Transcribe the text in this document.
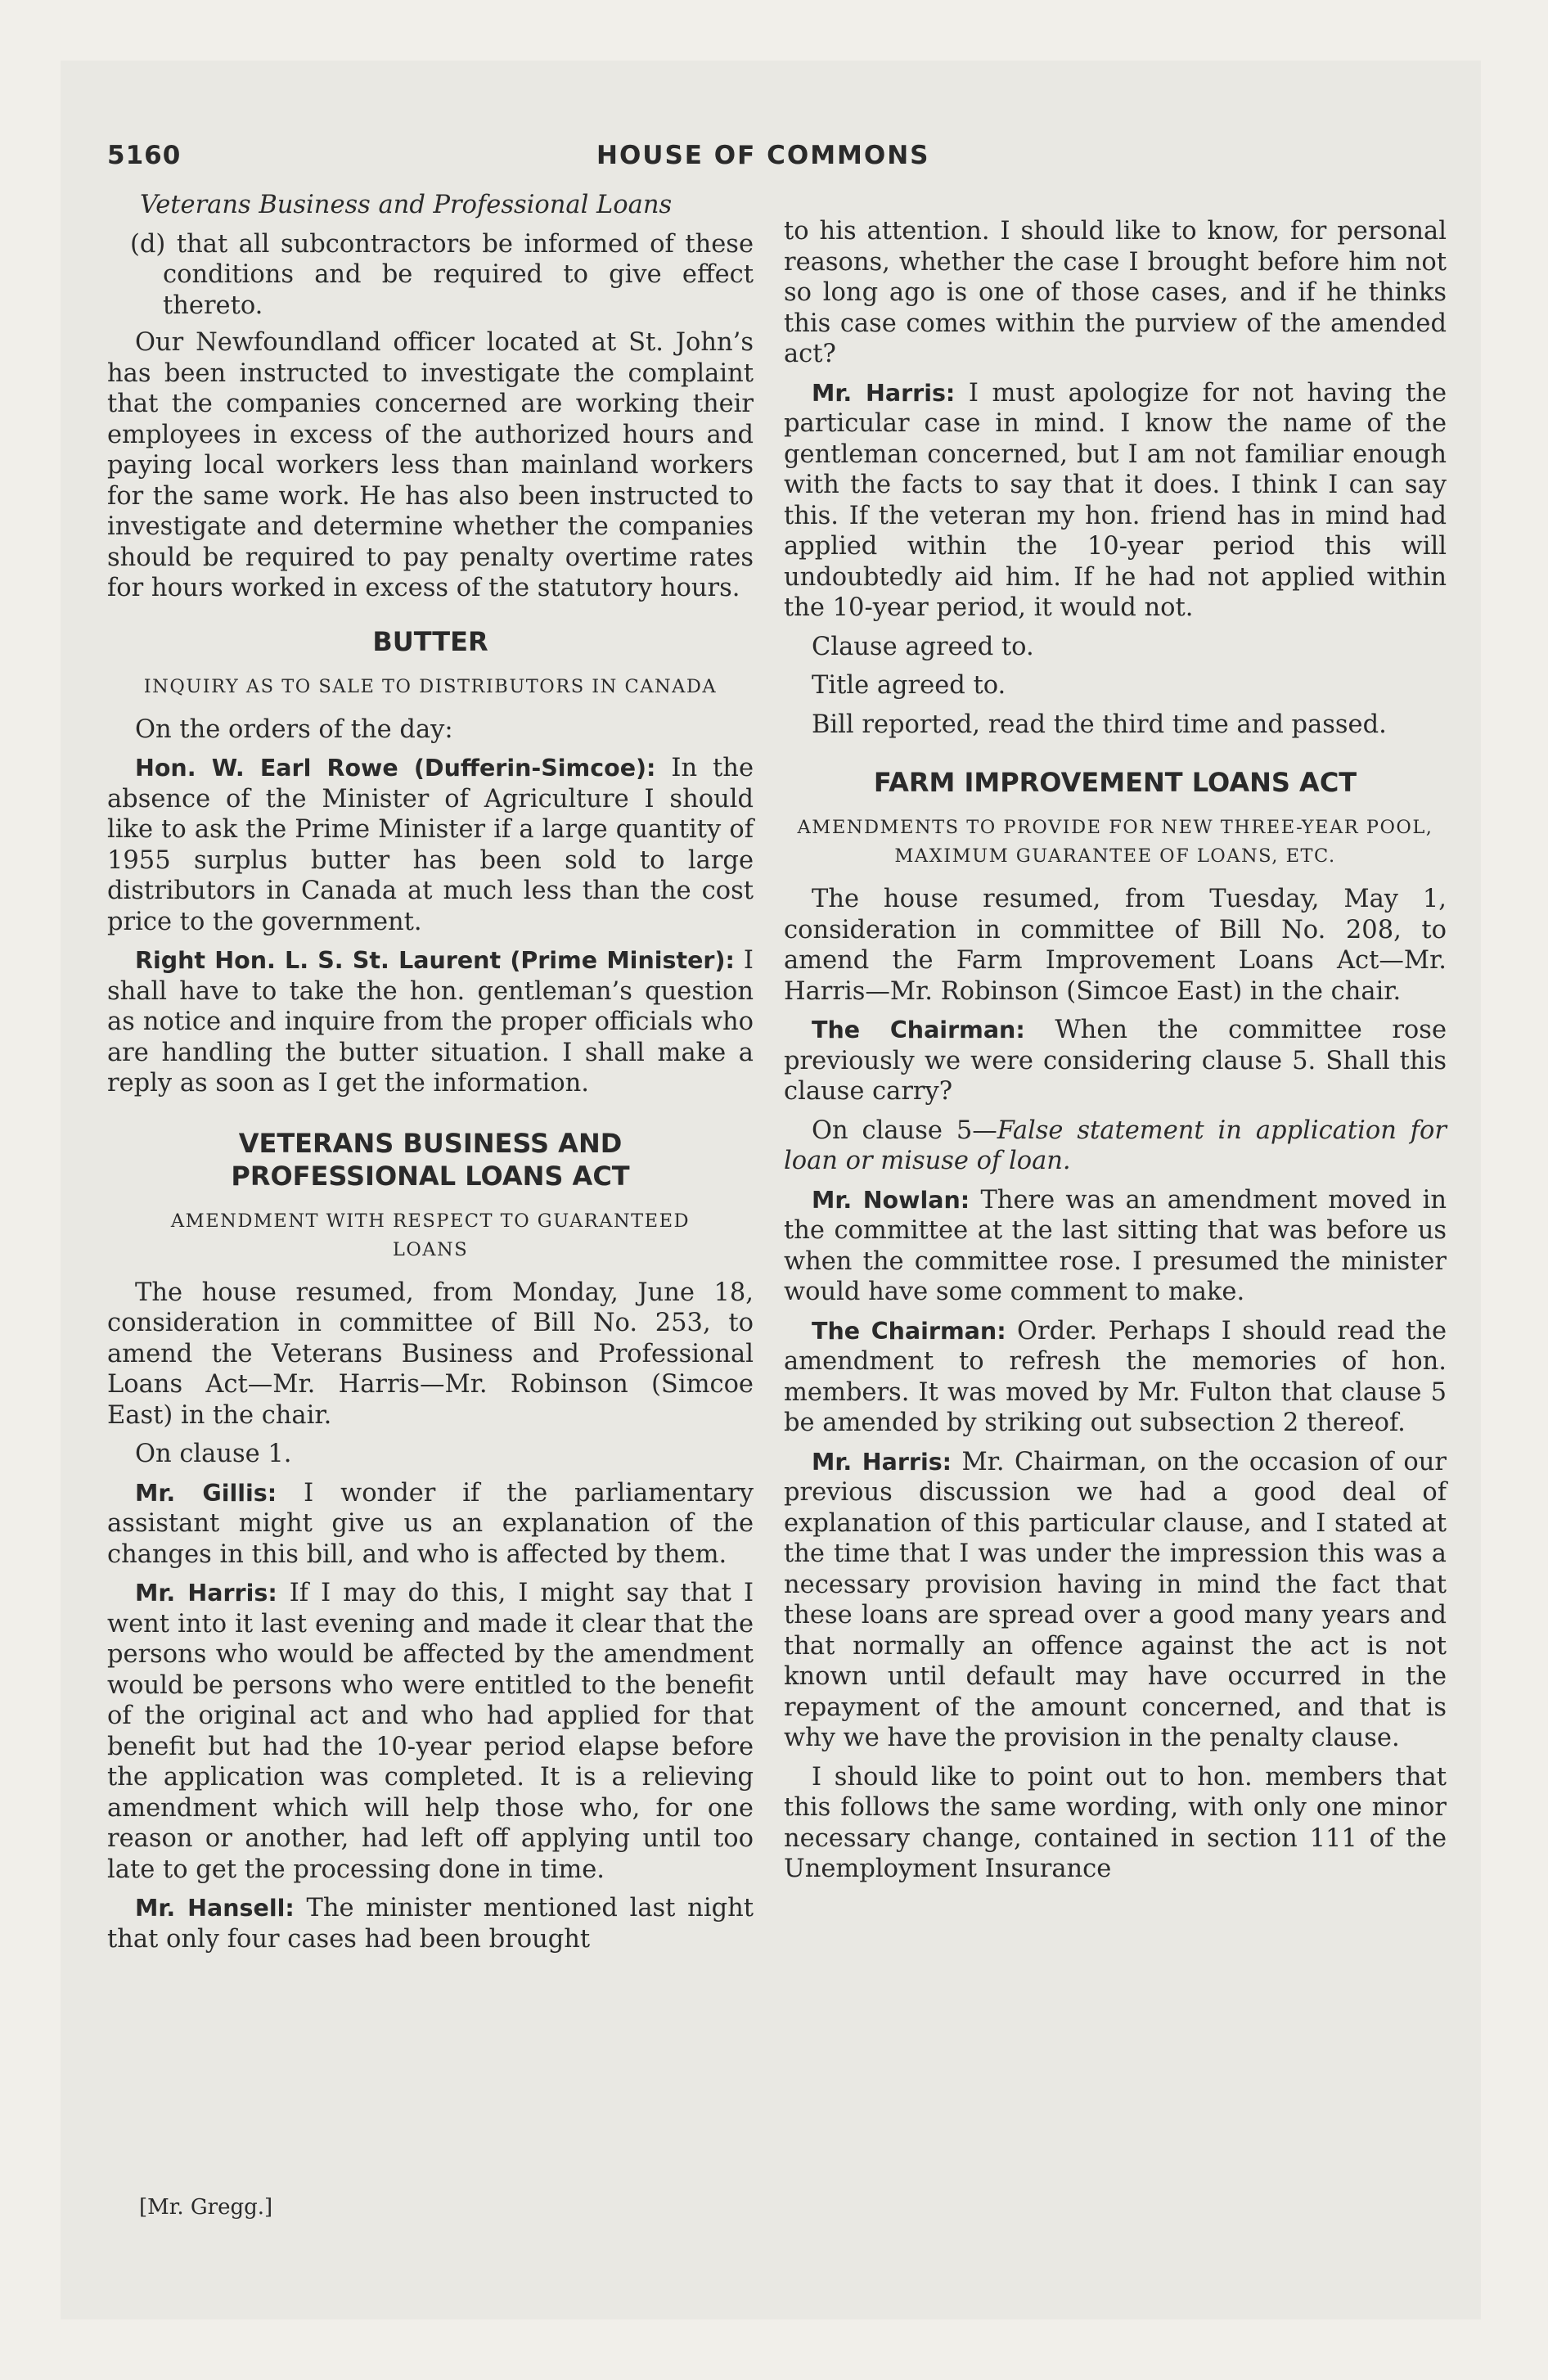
5160	HOUSE OF COMMONS

Veterans Business and Professional Loans

(d) that all subcontractors be informed of these conditions and be required to give effect thereto.

Our Newfoundland officer located at St. John’s has been instructed to investigate the complaint that the companies concerned are working their employees in excess of the authorized hours and paying local workers less than mainland workers for the same work. He has also been instructed to investigate and determine whether the companies should be required to pay penalty overtime rates for hours worked in excess of the statutory hours.

BUTTER
INQUIRY AS TO SALE TO DISTRIBUTORS IN CANADA

On the orders of the day:

Hon. W. Earl Rowe (Dufferin-Simcoe): In the absence of the Minister of Agriculture I should like to ask the Prime Minister if a large quantity of 1955 surplus butter has been sold to large distributors in Canada at much less than the cost price to the government.

Right Hon. L. S. St. Laurent (Prime Minister): I shall have to take the hon. gentleman’s question as notice and inquire from the proper officials who are handling the butter situation. I shall make a reply as soon as I get the information.

VETERANS BUSINESS AND
PROFESSIONAL LOANS ACT
AMENDMENT WITH RESPECT TO GUARANTEED LOANS

The house resumed, from Monday, June 18, consideration in committee of Bill No. 253, to amend the Veterans Business and Professional Loans Act—Mr. Harris—Mr. Robinson (Simcoe East) in the chair.

On clause 1.

Mr. Gillis: I wonder if the parliamentary assistant might give us an explanation of the changes in this bill, and who is affected by them.

Mr. Harris: If I may do this, I might say that I went into it last evening and made it clear that the persons who would be affected by the amendment would be persons who were entitled to the benefit of the original act and who had applied for that benefit but had the 10-year period elapse before the application was completed. It is a relieving amendment which will help those who, for one reason or another, had left off applying until too late to get the processing done in time.

Mr. Hansell: The minister mentioned last night that only four cases had been brought

to his attention. I should like to know, for personal reasons, whether the case I brought before him not so long ago is one of those cases, and if he thinks this case comes within the purview of the amended act?

Mr. Harris: I must apologize for not having the particular case in mind. I know the name of the gentleman concerned, but I am not familiar enough with the facts to say that it does. I think I can say this. If the veteran my hon. friend has in mind had applied within the 10-year period this will undoubtedly aid him. If he had not applied within the 10-year period, it would not.

Clause agreed to.

Title agreed to.

Bill reported, read the third time and passed.

FARM IMPROVEMENT LOANS ACT
AMENDMENTS TO PROVIDE FOR NEW THREE-YEAR POOL, MAXIMUM GUARANTEE OF LOANS, ETC.

The house resumed, from Tuesday, May 1, consideration in committee of Bill No. 208, to amend the Farm Improvement Loans Act—Mr. Harris—Mr. Robinson (Simcoe East) in the chair.

The Chairman: When the committee rose previously we were considering clause 5. Shall this clause carry?

On clause 5—False statement in application for loan or misuse of loan.

Mr. Nowlan: There was an amendment moved in the committee at the last sitting that was before us when the committee rose. I presumed the minister would have some comment to make.

The Chairman: Order. Perhaps I should read the amendment to refresh the memories of hon. members. It was moved by Mr. Fulton that clause 5 be amended by striking out subsection 2 thereof.

Mr. Harris: Mr. Chairman, on the occasion of our previous discussion we had a good deal of explanation of this particular clause, and I stated at the time that I was under the impression this was a necessary provision having in mind the fact that these loans are spread over a good many years and that normally an offence against the act is not known until default may have occurred in the repayment of the amount concerned, and that is why we have the provision in the penalty clause.

I should like to point out to hon. members that this follows the same wording, with only one minor necessary change, contained in section 111 of the Unemployment Insurance

[Mr. Gregg.]
